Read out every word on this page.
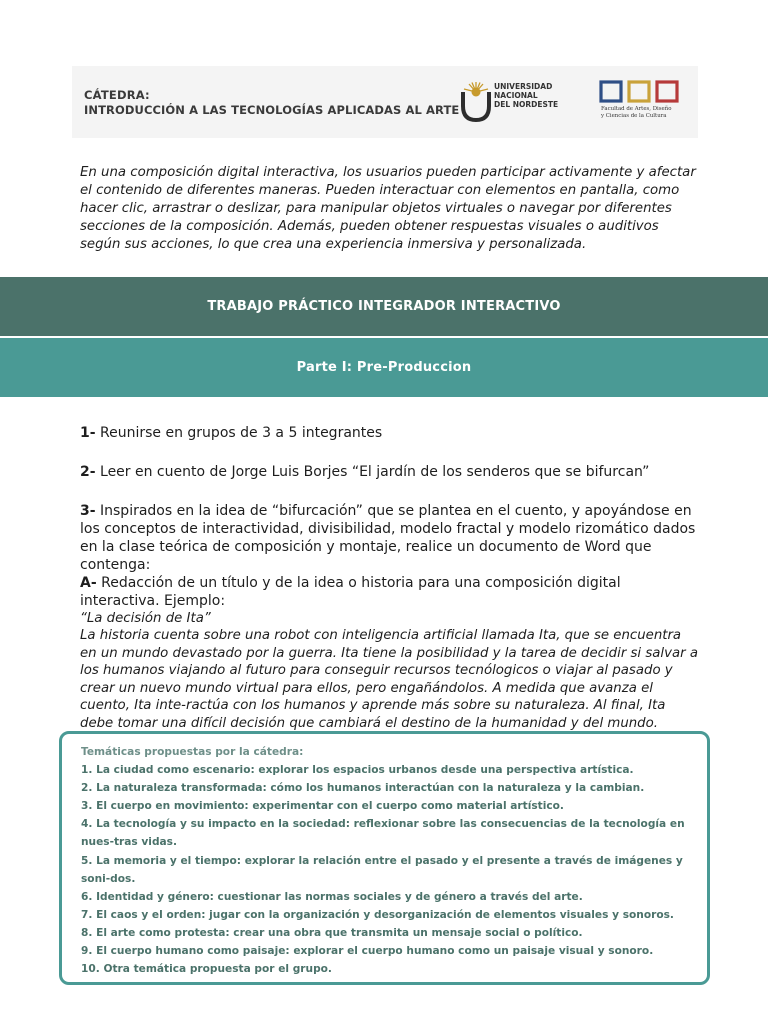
CÁTEDRA:
INTRODUCCIÓN A LAS TECNOLOGÍAS APLICADAS AL ARTE
UNIVERSIDAD
NACIONAL
DEL NORDESTE	Facultad de Artes, Diseño
y Ciencias de la Cultura

En una composición digital interactiva, los usuarios pueden participar activamente y afectar el contenido de diferentes maneras. Pueden interactuar con elementos en pantalla, como hacer clic, arrastrar o deslizar, para manipular objetos virtuales o navegar por diferentes secciones de la composición. Además, pueden obtener respuestas visuales o auditivos según sus acciones, lo que crea una experiencia inmersiva y personalizada.

TRABAJO PRÁCTICO INTEGRADOR INTERACTIVO
Parte I: Pre-Produccion

1- Reunirse en grupos de 3 a 5 integrantes

2- Leer en cuento de Jorge Luis Borjes “El jardín de los senderos que se bifurcan”

3- Inspirados en la idea de “bifurcación” que se plantea en el cuento, y apoyándose en los conceptos de interactividad, divisibilidad, modelo fractal y modelo rizomático dados en la clase teórica de composición y montaje, realice un documento de Word que contenga:

A- Redacción de un título y de la idea o historia para una composición digital interactiva. Ejemplo:

“La decisión de Ita”

La historia cuenta sobre una robot con inteligencia artificial llamada Ita, que se encuentra en un mundo devastado por la guerra. Ita tiene la posibilidad y la tarea de decidir si salvar a los humanos viajando al futuro para conseguir recursos tecnólogicos o viajar al pasado y crear un nuevo mundo virtual para ellos, pero engañándolos. A medida que avanza el cuento, Ita inte-ractúa con los humanos y aprende más sobre su naturaleza. Al final, Ita debe tomar una difícil decisión que cambiará el destino de la humanidad y del mundo.

Temáticas propuestas por la cátedra:
1. La ciudad como escenario: explorar los espacios urbanos desde una perspectiva artística.
2. La naturaleza transformada: cómo los humanos interactúan con la naturaleza y la cambian.
3. El cuerpo en movimiento: experimentar con el cuerpo como material artístico.
4. La tecnología y su impacto en la sociedad: reflexionar sobre las consecuencias de la tecnología en nues-tras vidas.
5. La memoria y el tiempo: explorar la relación entre el pasado y el presente a través de imágenes y soni-dos.
6. Identidad y género: cuestionar las normas sociales y de género a través del arte.
7. El caos y el orden: jugar con la organización y desorganización de elementos visuales y sonoros.
8. El arte como protesta: crear una obra que transmita un mensaje social o político.
9. El cuerpo humano como paisaje: explorar el cuerpo humano como un paisaje visual y sonoro.
10. Otra temática propuesta por el grupo.
